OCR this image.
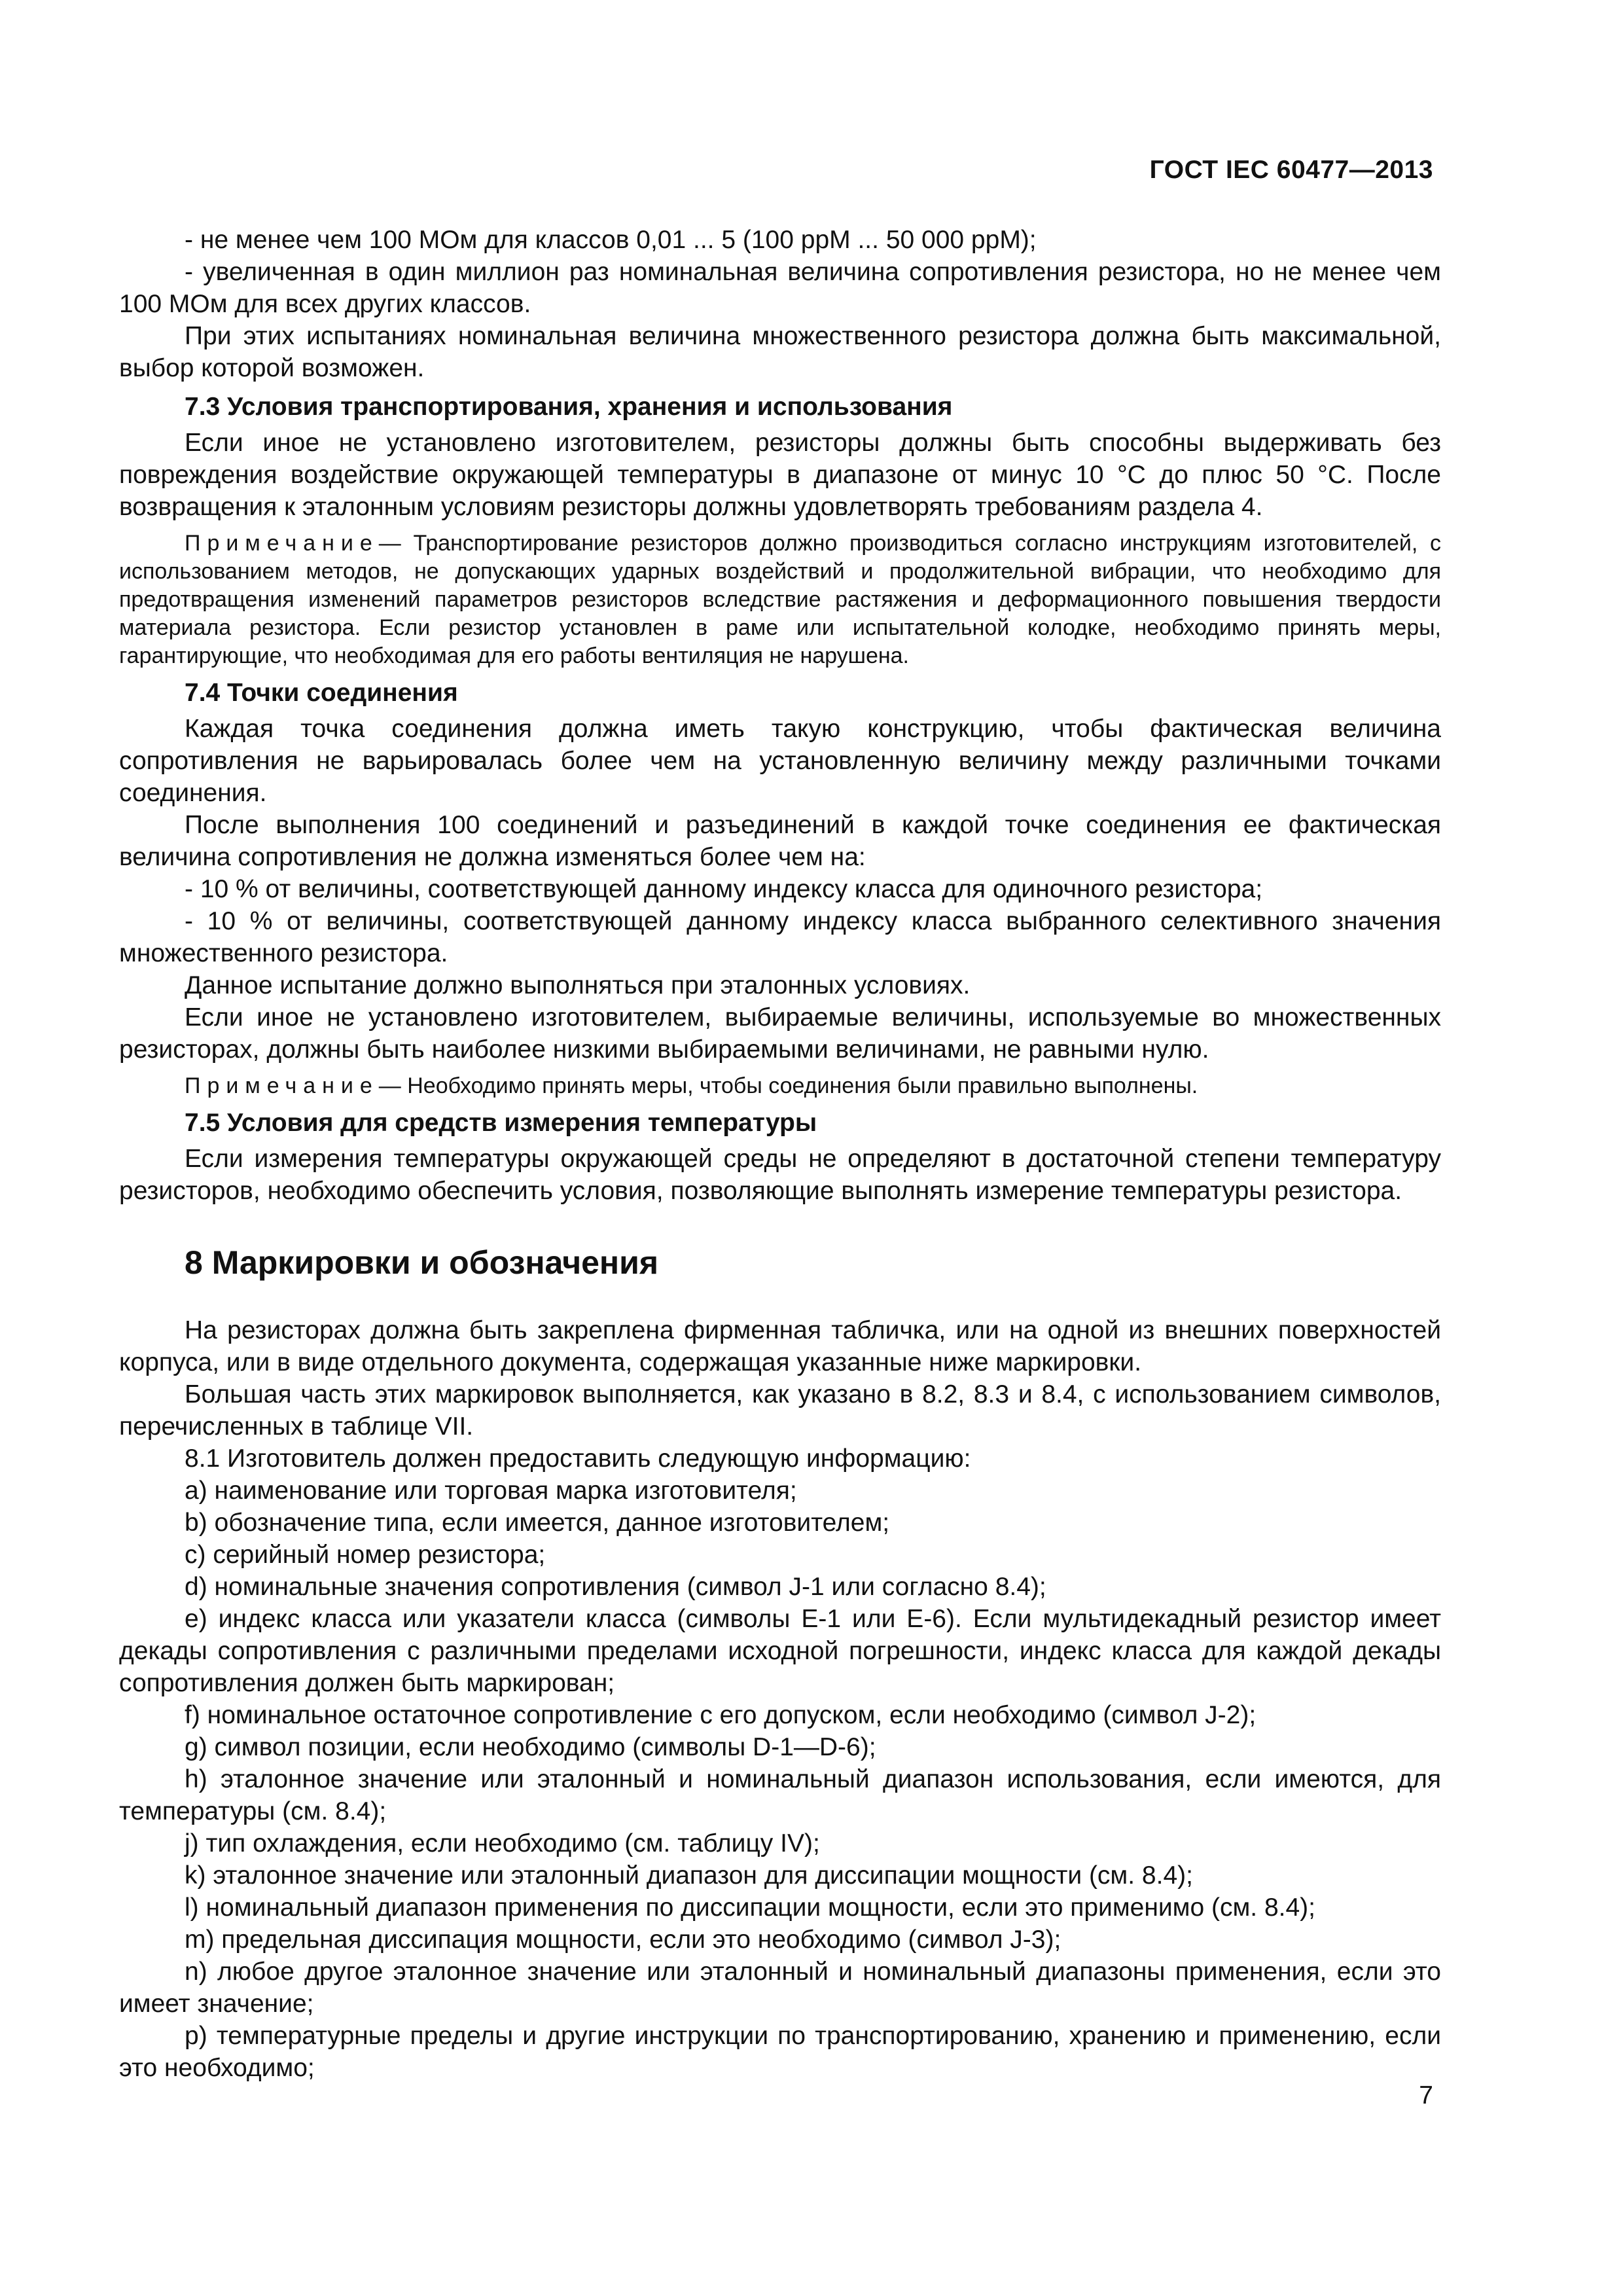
ГОСТ IEC 60477—2013
- не менее чем 100 МОм для классов 0,01 ... 5 (100 ppM ... 50 000 ppM);
- увеличенная в один миллион раз номинальная величина сопротивления резистора, но не менее чем 100 МОм для всех других классов.
При этих испытаниях номинальная величина множественного резистора должна быть максимальной, выбор которой возможен.
7.3 Условия транспортирования, хранения и использования
Если иное не установлено изготовителем, резисторы должны быть способны выдерживать без повреждения воздействие окружающей температуры в диапазоне от минус 10 °С до плюс 50 °С. После возвращения к эталонным условиям резисторы должны удовлетворять требованиям раздела 4.
Примечание— Транспортирование резисторов должно производиться согласно инструкциям изготовителей, с использованием методов, не допускающих ударных воздействий и продолжительной вибрации, что необходимо для предотвращения изменений параметров резисторов вследствие растяжения и деформационного повышения твердости материала резистора. Если резистор установлен в раме или испытательной колодке, необходимо принять меры, гарантирующие, что необходимая для его работы вентиляция не нарушена.
7.4 Точки соединения
Каждая точка соединения должна иметь такую конструкцию, чтобы фактическая величина сопротивления не варьировалась более чем на установленную величину между различными точками соединения.
После выполнения 100 соединений и разъединений в каждой точке соединения ее фактическая величина сопротивления не должна изменяться более чем на:
- 10 % от величины, соответствующей данному индексу класса для одиночного резистора;
- 10 % от величины, соответствующей данному индексу класса выбранного селективного значения множественного резистора.
Данное испытание должно выполняться при эталонных условиях.
Если иное не установлено изготовителем, выбираемые величины, используемые во множественных резисторах, должны быть наиболее низкими выбираемыми величинами, не равными нулю.
Примечание— Необходимо принять меры, чтобы соединения были правильно выполнены.
7.5 Условия для средств измерения температуры
Если измерения температуры окружающей среды не определяют в достаточной степени температуру резисторов, необходимо обеспечить условия, позволяющие выполнять измерение температуры резистора.
8 Маркировки и обозначения
На резисторах должна быть закреплена фирменная табличка, или на одной из внешних поверхностей корпуса, или в виде отдельного документа, содержащая указанные ниже маркировки.
Большая часть этих маркировок выполняется, как указано в 8.2, 8.3 и 8.4, с использованием символов, перечисленных в таблице VII.
8.1 Изготовитель должен предоставить следующую информацию:
a) наименование или торговая марка изготовителя;
b) обозначение типа, если имеется, данное изготовителем;
c) серийный номер резистора;
d) номинальные значения сопротивления (символ J-1 или согласно 8.4);
e) индекс класса или указатели класса (символы Е-1 или Е-6). Если мультидекадный резистор имеет декады сопротивления с различными пределами исходной погрешности, индекс класса для каждой декады сопротивления должен быть маркирован;
f) номинальное остаточное сопротивление с его допуском, если необходимо (символ J-2);
g) символ позиции, если необходимо (символы D-1—D-6);
h) эталонное значение или эталонный и номинальный диапазон использования, если имеются, для температуры (см. 8.4);
j) тип охлаждения, если необходимо (см. таблицу IV);
k) эталонное значение или эталонный диапазон для диссипации мощности (см. 8.4);
l) номинальный диапазон применения по диссипации мощности, если это применимо (см. 8.4);
m) предельная диссипация мощности, если это необходимо (символ J-3);
n) любое другое эталонное значение или эталонный и номинальный диапазоны применения, если это имеет значение;
p) температурные пределы и другие инструкции по транспортированию, хранению и применению, если это необходимо;
7
